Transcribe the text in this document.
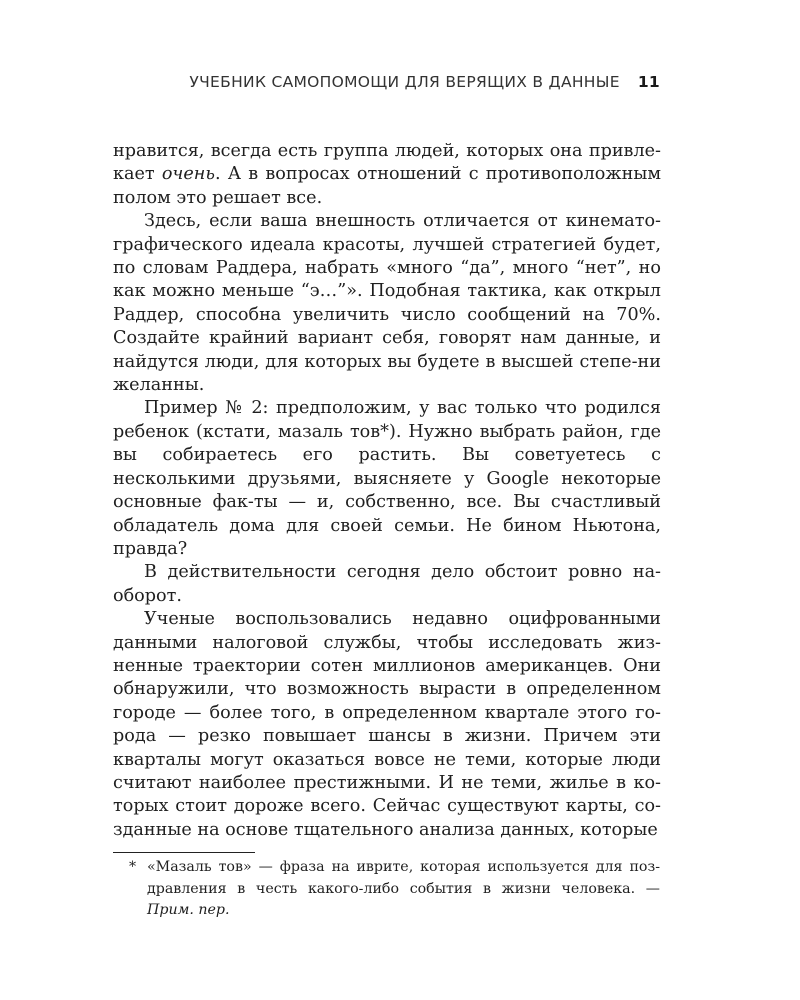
УЧЕБНИК САМОПОМОЩИ ДЛЯ ВЕРЯЩИХ В ДАННЫЕ 11

нравится, всегда есть группа людей, которых она привле-кает очень. А в вопросах отношений с противоположным полом это решает все.

Здесь, если ваша внешность отличается от кинемато-графического идеала красоты, лучшей стратегией будет, по словам Раддера, набрать «много “да”, много “нет”, но как можно меньше “э…”». Подобная тактика, как открыл Раддер, способна увеличить число сообщений на 70%. Создайте крайний вариант себя, говорят нам данные, и найдутся люди, для которых вы будете в высшей степе-ни желанны.

Пример № 2: предположим, у вас только что родился ребенок (кстати, мазаль тов*). Нужно выбрать район, где вы собираетесь его растить. Вы советуетесь с несколькими друзьями, выясняете у Google некоторые основные фак-ты — и, собственно, все. Вы счастливый обладатель дома для своей семьи. Не бином Ньютона, правда?

В действительности сегодня дело обстоит ровно на-оборот.

Ученые воспользовались недавно оцифрованными данными налоговой службы, чтобы исследовать жиз-ненные траектории сотен миллионов американцев. Они обнаружили, что возможность вырасти в определенном городе — более того, в определенном квартале этого го-рода — резко повышает шансы в жизни. Причем эти кварталы могут оказаться вовсе не теми, которые люди считают наиболее престижными. И не теми, жилье в ко-торых стоит дороже всего. Сейчас существуют карты, со-зданные на основе тщательного анализа данных, которые

* «Мазаль тов» — фраза на иврите, которая используется для поз-дравления в честь какого-либо события в жизни человека. — Прим. пер.
